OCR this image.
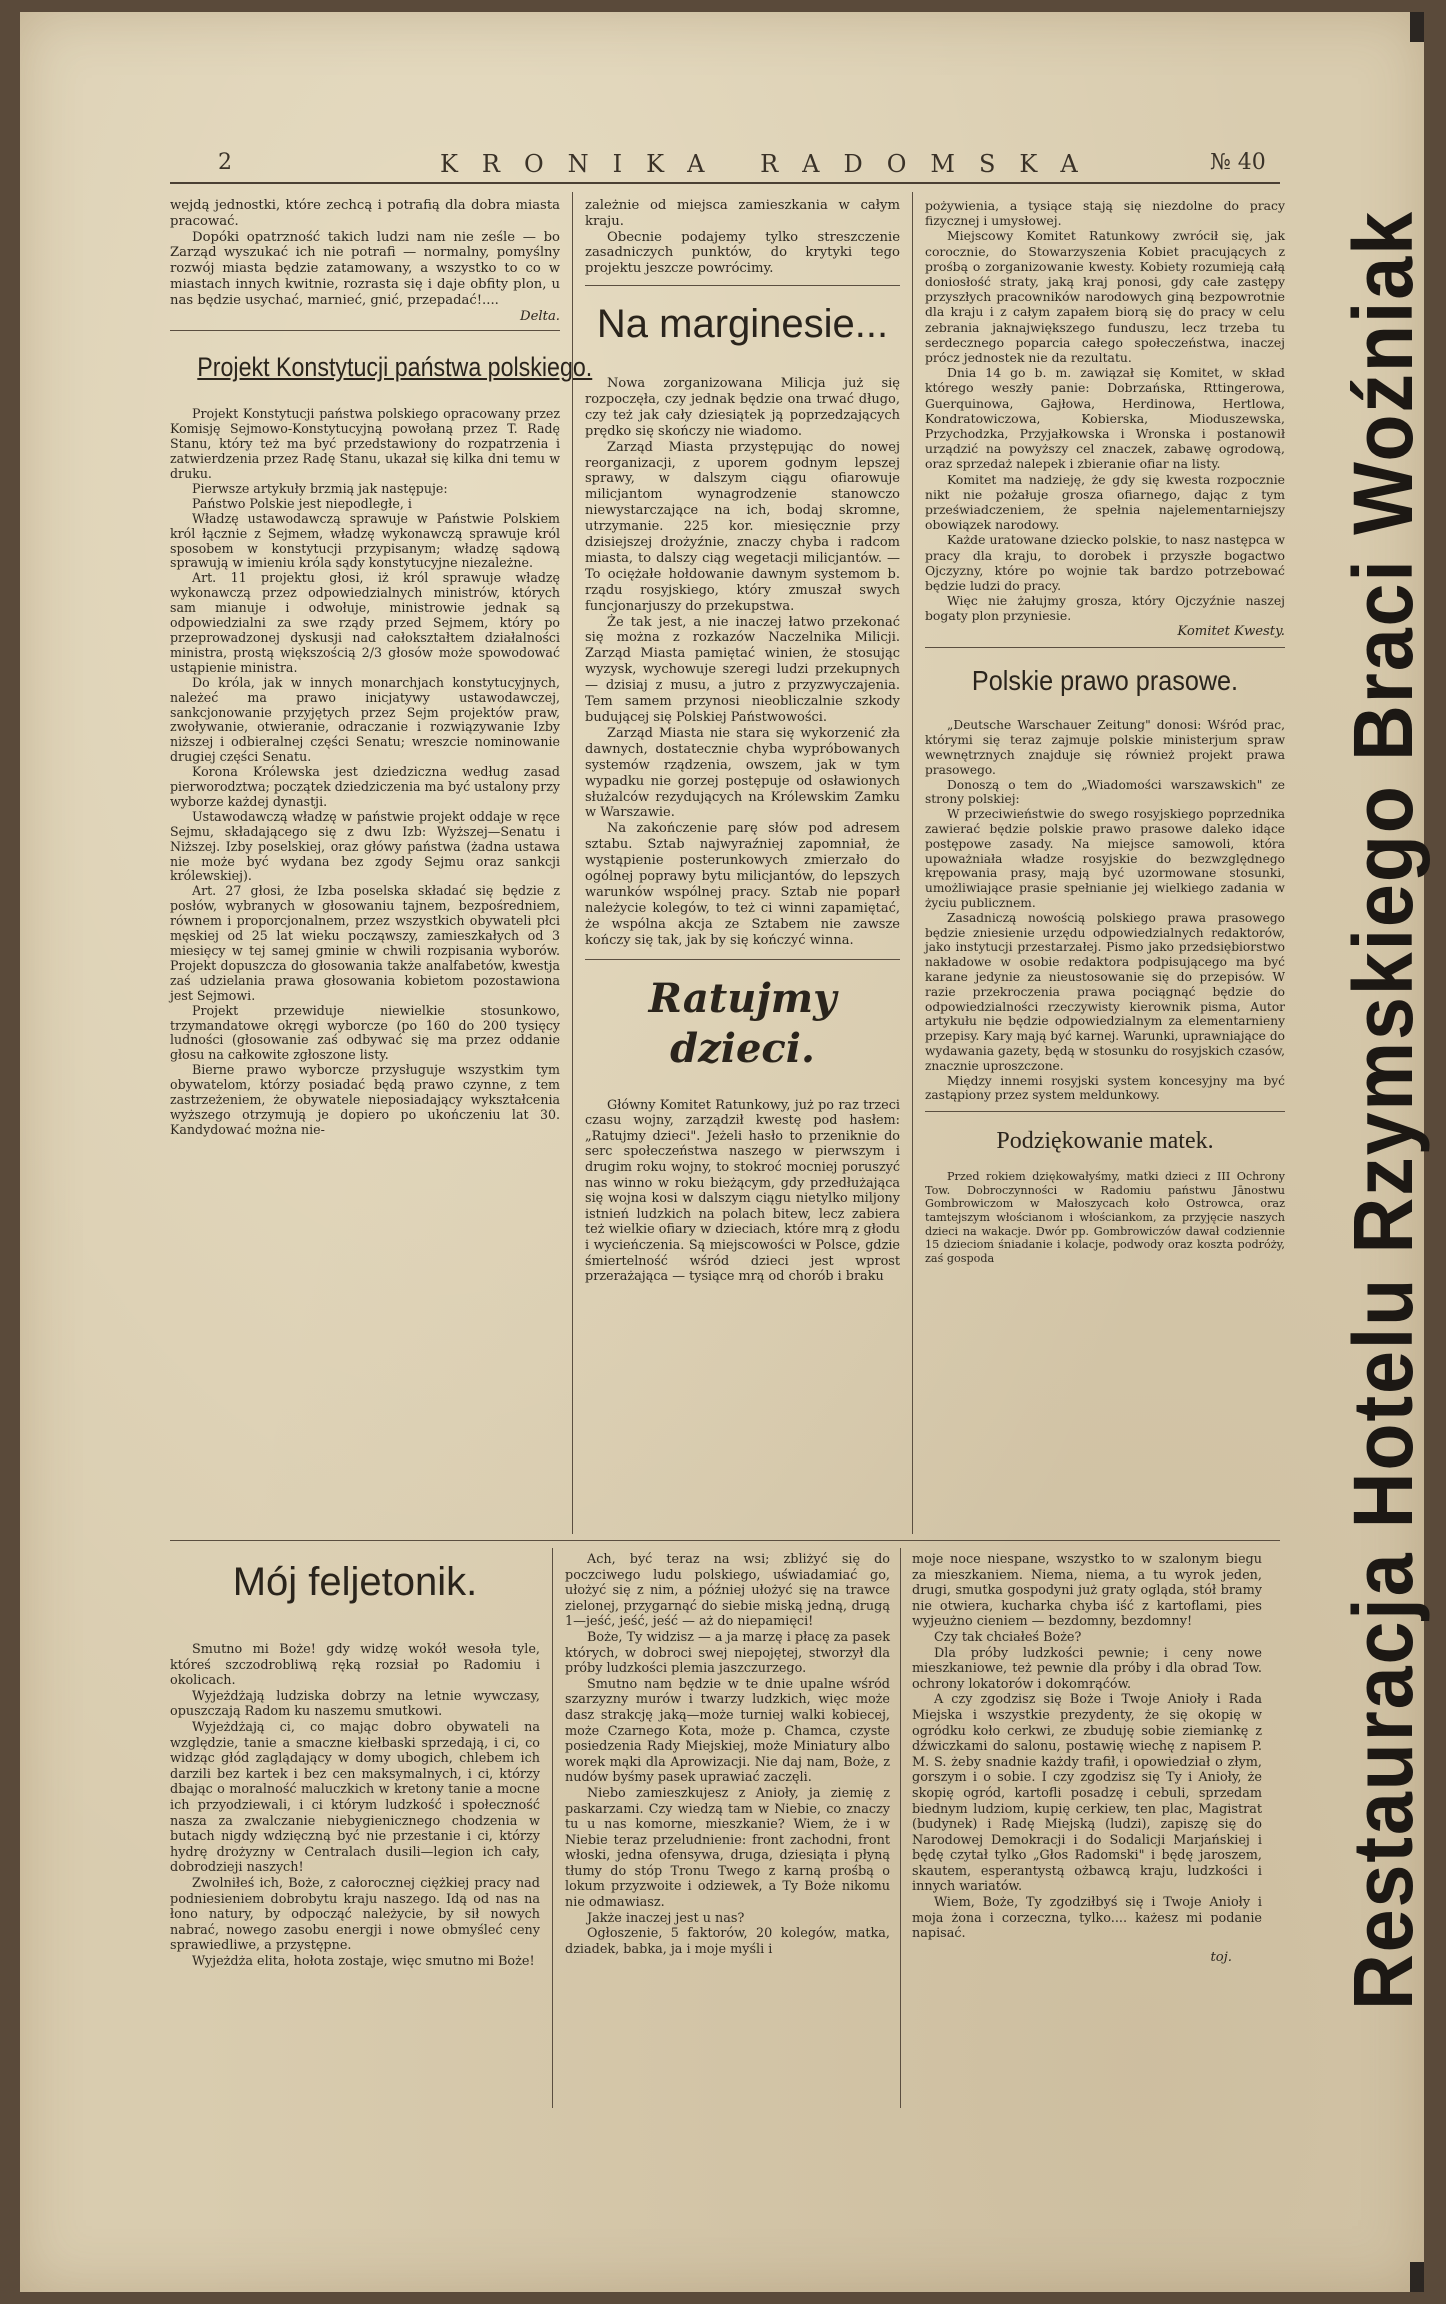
2	KRONIKA RADOMSKA	№ 40

wejdą jednostki, które zechcą i potrafią dla dobra miasta pracować.

Dopóki opatrzność takich ludzi nam nie ześle — bo Zarząd wyszukać ich nie potrafi — normalny, pomyślny rozwój miasta będzie zatamowany, a wszystko to co w miastach innych kwitnie, rozrasta się i daje obfity plon, u nas będzie usychać, marnieć, gnić, przepadać!....

Delta.
Projekt Konstytucji państwa polskiego.

Projekt Konstytucji państwa polskiego opracowany przez Komisję Sejmowo-Konstytucyjną powołaną przez T. Radę Stanu, który też ma być przedstawiony do rozpatrzenia i zatwierdzenia przez Radę Stanu, ukazał się kilka dni temu w druku.

Pierwsze artykuły brzmią jak następuje:

Państwo Polskie jest niepodległe, i

Władzę ustawodawczą sprawuje w Państwie Polskiem król łącznie z Sejmem, władzę wykonawczą sprawuje król sposobem w konstytucji przypisanym; władzę sądową sprawują w imieniu króla sądy konstytucyjne niezależne.

Art. 11 projektu głosi, iż król sprawuje władzę wykonawczą przez odpowiedzialnych ministrów, których sam mianuje i odwołuje, ministrowie jednak są odpowiedzialni za swe rządy przed Sejmem, który po przeprowadzonej dyskusji nad całokształtem działalności ministra, prostą większością 2/3 głosów może spowodować ustąpienie ministra.

Do króla, jak w innych monarchjach konstytucyjnych, należeć ma prawo inicjatywy ustawodawczej, sankcjonowanie przyjętych przez Sejm projektów praw, zwoływanie, otwieranie, odraczanie i rozwiązywanie Izby niższej i odbieralnej części Senatu; wreszcie nominowanie drugiej części Senatu.

Korona Królewska jest dziedziczna według zasad pierworodztwa; początek dziedziczenia ma być ustalony przy wyborze każdej dynastji.

Ustawodawczą władzę w państwie projekt oddaje w ręce Sejmu, składającego się z dwu Izb: Wyższej—Senatu i Niższej. Izby poselskiej, oraz główy państwa (żadna ustawa nie może być wydana bez zgody Sejmu oraz sankcji królewskiej).

Art. 27 głosi, że Izba poselska składać się będzie z posłów, wybranych w głosowaniu tajnem, bezpośredniem, równem i proporcjonalnem, przez wszystkich obywateli płci męskiej od 25 lat wieku począwszy, zamieszkałych od 3 miesięcy w tej samej gminie w chwili rozpisania wyborów. Projekt dopuszcza do głosowania także analfabetów, kwestja zaś udzielania prawa głosowania kobietom pozostawiona jest Sejmowi.

Projekt przewiduje niewielkie stosunkowo, trzymandatowe okręgi wyborcze (po 160 do 200 tysięcy ludności (głosowanie zaś odbywać się ma przez oddanie głosu na całkowite zgłoszone listy.

Bierne prawo wyborcze przysługuje wszystkim tym obywatelom, którzy posiadać będą prawo czynne, z tem zastrzeżeniem, że obywatele nieposiadający wykształcenia wyższego otrzymują je dopiero po ukończeniu lat 30. Kandydować można nie-

zależnie od miejsca zamieszkania w całym kraju.

Obecnie podajemy tylko streszczenie zasadniczych punktów, do krytyki tego projektu jeszcze powrócimy.

Na marginesie...

Nowa zorganizowana Milicja już się rozpoczęła, czy jednak będzie ona trwać długo, czy też jak cały dziesiątek ją poprzedzających prędko się skończy nie wiadomo.

Zarząd Miasta przystępując do nowej reorganizacji, z uporem godnym lepszej sprawy, w dalszym ciągu ofiarowuje milicjantom wynagrodzenie stanowczo niewystarczające na ich, bodaj skromne, utrzymanie. 225 kor. miesięcznie przy dzisiejszej drożyźnie, znaczy chyba i radcom miasta, to dalszy ciąg wegetacji milicjantów. — To ociężałe hołdowanie dawnym systemom b. rządu rosyjskiego, który zmuszał swych funcjonarjuszy do przekupstwa.

Że tak jest, a nie inaczej łatwo przekonać się można z rozkazów Naczelnika Milicji. Zarząd Miasta pamiętać winien, że stosując wyzysk, wychowuje szeregi ludzi przekupnych — dzisiaj z musu, a jutro z przyzwyczajenia. Tem samem przynosi nieobliczalnie szkody budującej się Polskiej Państwowości.

Zarząd Miasta nie stara się wykorzenić zła dawnych, dostatecznie chyba wypróbowanych systemów rządzenia, owszem, jak w tym wypadku nie gorzej postępuje od osławionych służalców rezydujących na Królewskim Zamku w Warszawie.

Na zakończenie parę słów pod adresem sztabu. Sztab najwyraźniej zapomniał, że wystąpienie posterunkowych zmierzało do ogólnej poprawy bytu milicjantów, do lepszych warunków wspólnej pracy. Sztab nie poparł należycie kolegów, to też ci winni zapamiętać, że wspólna akcja ze Sztabem nie zawsze kończy się tak, jak by się kończyć winna.

Ratujmy dzieci.

Główny Komitet Ratunkowy, już po raz trzeci czasu wojny, zarządził kwestę pod hasłem: „Ratujmy dzieci". Jeżeli hasło to przeniknie do serc społeczeństwa naszego w pierwszym i drugim roku wojny, to stokroć mocniej poruszyć nas winno w roku bieżącym, gdy przedłużająca się wojna kosi w dalszym ciągu nietylko miljony istnień ludzkich na polach bitew, lecz zabiera też wielkie ofiary w dzieciach, które mrą z głodu i wycieńczenia. Są miejscowości w Polsce, gdzie śmiertelność wśród dzieci jest wprost przerażająca — tysiące mrą od chorób i braku

pożywienia, a tysiące stają się niezdolne do pracy fizycznej i umysłowej.

Miejscowy Komitet Ratunkowy zwrócił się, jak corocznie, do Stowarzyszenia Kobiet pracujących z prośbą o zorganizowanie kwesty. Kobiety rozumieją całą doniosłość straty, jaką kraj ponosi, gdy całe zastępy przyszłych pracowników narodowych giną bezpowrotnie dla kraju i z całym zapałem biorą się do pracy w celu zebrania jaknajwiększego funduszu, lecz trzeba tu serdecznego poparcia całego społeczeństwa, inaczej prócz jednostek nie da rezultatu.

Dnia 14 go b. m. zawiązał się Komitet, w skład którego weszły panie: Dobrzańska, Rttingerowa, Guerquinowa, Gajłowa, Herdinowa, Hertlowa, Kondratowiczowa, Kobierska, Mioduszewska, Przychodzka, Przyjałkowska i Wronska i postanowił urządzić na powyższy cel znaczek, zabawę ogrodową, oraz sprzedaż nalepek i zbieranie ofiar na listy.

Komitet ma nadzieję, że gdy się kwesta rozpocznie nikt nie pożałuje grosza ofiarnego, dając z tym przeświadczeniem, że spełnia najelementarniejszy obowiązek narodowy.

Każde uratowane dziecko polskie, to nasz następca w pracy dla kraju, to dorobek i przyszłe bogactwo Ojczyzny, które po wojnie tak bardzo potrzebować będzie ludzi do pracy.

Więc nie żałujmy grosza, który Ojczyźnie naszej bogaty plon przyniesie.

Komitet Kwesty.
Polskie prawo prasowe.

„Deutsche Warschauer Zeitung" donosi: Wśród prac, którymi się teraz zajmuje polskie ministerjum spraw wewnętrznych znajduje się również projekt prawa prasowego.

Donoszą o tem do „Wiadomości warszawskich" ze strony polskiej:

W przeciwieństwie do swego rosyjskiego poprzednika zawierać będzie polskie prawo prasowe daleko idące postępowe zasady. Na miejsce samowoli, która upoważniała władze rosyjskie do bezwzględnego krępowania prasy, mają być uzormowane stosunki, umożliwiające prasie spełnianie jej wielkiego zadania w życiu publicznem.

Zasadniczą nowością polskiego prawa prasowego będzie zniesienie urzędu odpowiedzialnych redaktorów, jako instytucji przestarzałej. Pismo jako przedsiębiorstwo nakładowe w osobie redaktora podpisującego ma być karane jedynie za nieustosowanie się do przepisów. W razie przekroczenia prawa pociągnąć będzie do odpowiedzialności rzeczywisty kierownik pisma, Autor artykułu nie będzie odpowiedzialnym za elementarnieny przepisy. Kary mają być karnej. Warunki, uprawniające do wydawania gazety, będą w stosunku do rosyjskich czasów, znacznie uproszczone.

Między innemi rosyjski system koncesyjny ma być zastąpiony przez system meldunkowy.

Podziękowanie matek.

Przed rokiem dziękowałyśmy, matki dzieci z III Ochrony Tow. Dobroczynności w Radomiu państwu Jānostwu Gombrowiczom w Małoszycach koło Ostrowca, oraz tamtejszym włościanom i włościankom, za przyjęcie naszych dzieci na wakacje. Dwór pp. Gombrowiczów dawał codziennie 15 dzieciom śniadanie i kolacje, podwody oraz koszta podróży, zaś gospoda

Mój feljetonik.

Smutno mi Boże! gdy widzę wokół wesoła tyle, któreś szczodrobliwą ręką rozsiał po Radomiu i okolicach.

Wyjeżdżają ludziska dobrzy na letnie wywczasy, opuszczają Radom ku naszemu smutkowi.

Wyjeżdżają ci, co mając dobro obywateli na względzie, tanie a smaczne kiełbaski sprzedają, i ci, co widząc głód zaglądający w domy ubogich, chlebem ich darzili bez kartek i bez cen maksymalnych, i ci, którzy dbając o moralność maluczkich w kretony tanie a mocne ich przyodziewali, i ci którym ludzkość i społeczność nasza za zwalczanie niebygienicznego chodzenia w butach nigdy wdzięczną być nie przestanie i ci, którzy hydrę drożyzny w Centralach dusili—legion ich cały, dobrodzieji naszych!

Zwolniłeś ich, Boże, z całorocznej ciężkiej pracy nad podniesieniem dobrobytu kraju naszego. Idą od nas na łono natury, by odpocząć należycie, by sił nowych nabrać, nowego zasobu energji i nowe obmyśleć ceny sprawiedliwe, a przystępne.

Wyjeżdża elita, hołota zostaje, więc smutno mi Boże!

Ach, być teraz na wsi; zbliżyć się do poczciwego ludu polskiego, uświadamiać go, ułożyć się z nim, a później ułożyć się na trawce zielonej, przygarnąć do siebie miską jedną, drugą 1—jeść, jeść, jeść — aż do niepamięci!

Boże, Ty widzisz — a ja marzę i płacę za pasek których, w dobroci swej niepojętej, stworzył dla próby ludzkości plemia jaszczurzego.

Smutno nam będzie w te dnie upalne wśród szarzyzny murów i twarzy ludzkich, więc może dasz strakcję jaką—może turniej walki kobiecej, może Czarnego Kota, może p. Chamca, czyste posiedzenia Rady Miejskiej, może Miniatury albo worek mąki dla Aprowizacji. Nie daj nam, Boże, z nudów byśmy pasek uprawiać zaczęli.

Niebo zamieszkujesz z Anioły, ja ziemię z paskarzami. Czy wiedzą tam w Niebie, co znaczy tu u nas komorne, mieszkanie? Wiem, że i w Niebie teraz przeludnienie: front zachodni, front włoski, jedna ofensywa, druga, dziesiąta i płyną tłumy do stóp Tronu Twego z karną prośbą o lokum przyzwoite i odziewek, a Ty Boże nikomu nie odmawiasz.

Jakże inaczej jest u nas?

Ogłoszenie, 5 faktorów, 20 kolegów, matka, dziadek, babka, ja i moje myśli i

moje noce niespane, wszystko to w szalonym biegu za mieszkaniem. Niema, niema, a tu wyrok jeden, drugi, smutka gospodyni już graty ogląda, stół bramy nie otwiera, kucharka chyba iść z kartoflami, pies wyjeużno cieniem — bezdomny, bezdomny!

Czy tak chciałeś Boże?

Dla próby ludzkości pewnie; i ceny nowe mieszkaniowe, też pewnie dla próby i dla obrad Tow. ochrony lokatorów i dokomrąćów.

A czy zgodzisz się Boże i Twoje Anioły i Rada Miejska i wszystkie prezydenty, że się okopię w ogródku koło cerkwi, ze zbuduję sobie ziemiankę z dźwiczkami do salonu, postawię wiechę z napisem P. M. S. żeby snadnie każdy trafił, i opowiedział o złym, gorszym i o sobie. I czy zgodzisz się Ty i Anioły, że skopię ogród, kartofli posadzę i cebuli, sprzedam biednym ludziom, kupię cerkiew, ten plac, Magistrat (budynek) i Radę Miejską (ludzi), zapiszę się do Narodowej Demokracji i do Sodalicji Marjańskiej i będę czytał tylko „Głos Radomski" i będę jaroszem, skautem, esperantystą ożbawcą kraju, ludzkości i innych wariatów.

Wiem, Boże, Ty zgodziłbyś się i Twoje Anioły i moja żona i corzeczna, tylko.... każesz mi podanie napisać.

toj.	Restauracja Hotelu Rzymskiego Braci Woźniak
